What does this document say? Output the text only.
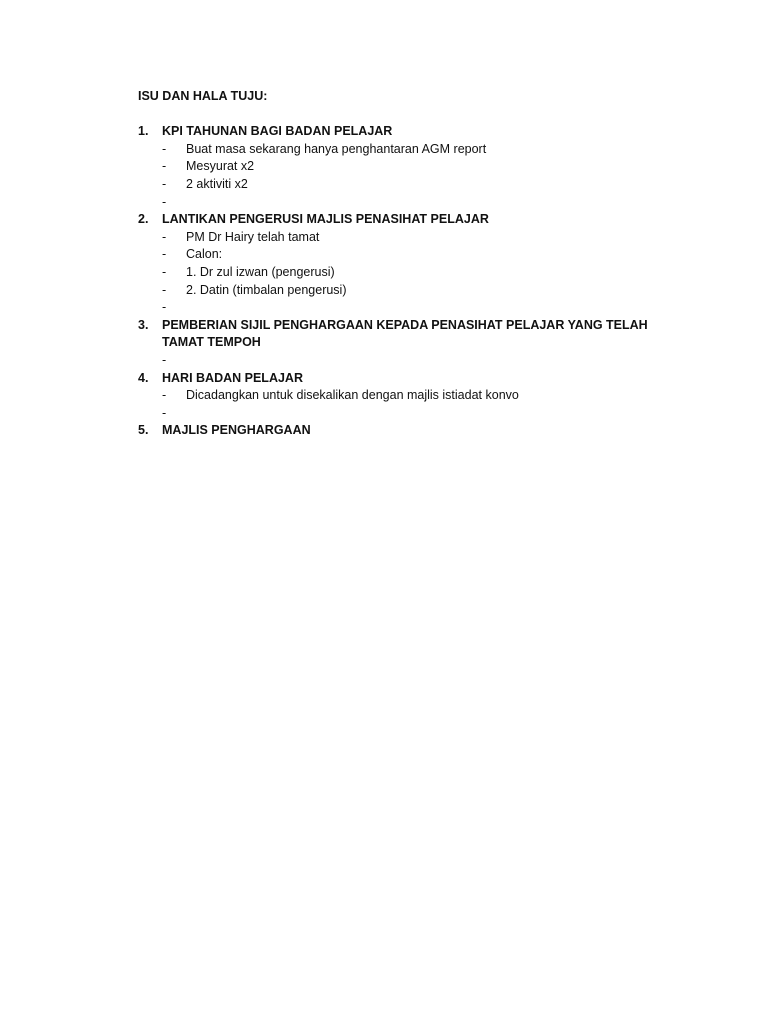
ISU DAN HALA TUJU:
1.	KPI TAHUNAN BAGI BADAN PELAJAR
-	Buat masa sekarang hanya penghantaran AGM report
-	Mesyurat x2
-	2 aktiviti x2
-
2.	LANTIKAN PENGERUSI MAJLIS PENASIHAT PELAJAR
-	PM Dr Hairy telah tamat
-	Calon:
-	1. Dr zul izwan (pengerusi)
-	2. Datin (timbalan pengerusi)
-
3.	PEMBERIAN SIJIL PENGHARGAAN KEPADA PENASIHAT PELAJAR YANG TELAH TAMAT TEMPOH
-
4.	HARI BADAN PELAJAR
-	Dicadangkan untuk disekalikan dengan majlis istiadat konvo
-
5.	MAJLIS PENGHARGAAN
